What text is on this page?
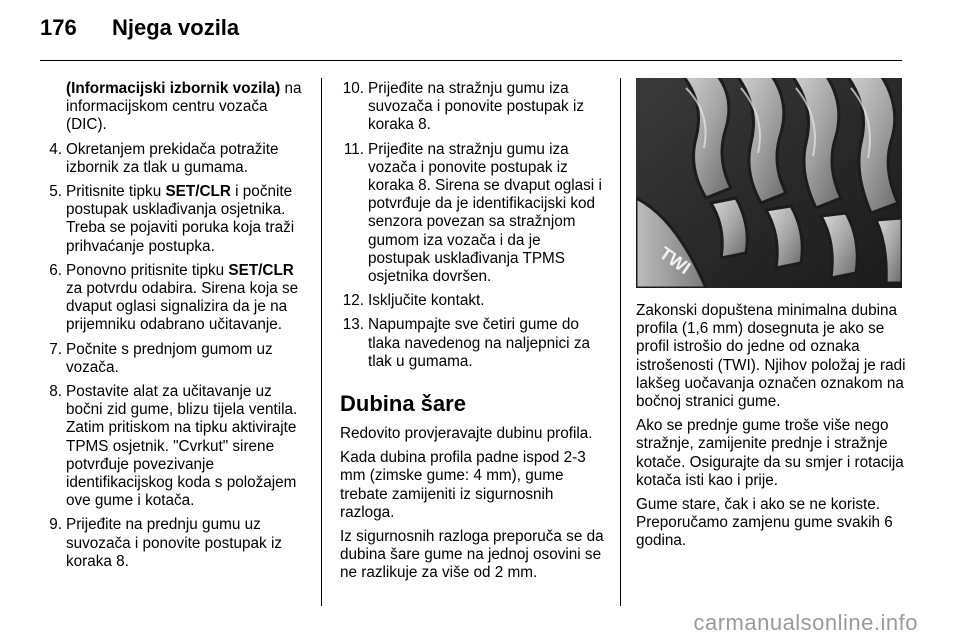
176 Njega vozila

(Informacijski izbornik vozila) na informacijskom centru vozača (DIC).

4. Okretanjem prekidača potražite izbornik za tlak u gumama.
5. Pritisnite tipku SET/CLR i počnite postupak usklađivanja osjetnika. Treba se pojaviti poruka koja traži prihvaćanje postupka.
6. Ponovno pritisnite tipku SET/CLR za potvrdu odabira. Sirena koja se dvaput oglasi signalizira da je na prijemniku odabrano učitavanje.
7. Počnite s prednjom gumom uz vozača.
8. Postavite alat za učitavanje uz bočni zid gume, blizu tijela ventila. Zatim pritiskom na tipku aktivirajte TPMS osjetnik. "Cvrkut" sirene potvrđuje povezivanje identifikacijskog koda s položajem ove gume i kotača.
9. Prijeđite na prednju gumu uz suvozača i ponovite postupak iz koraka 8.
10. Prijeđite na stražnju gumu iza suvozača i ponovite postupak iz koraka 8.
11. Prijeđite na stražnju gumu iza vozača i ponovite postupak iz koraka 8. Sirena se dvaput oglasi i potvrđuje da je identifikacijski kod senzora povezan sa stražnjom gumom iza vozača i da je postupak usklađivanja TPMS osjetnika dovršen.
12. Isključite kontakt.
13. Napumpajte sve četiri gume do tlaka navedenog na naljepnici za tlak u gumama.
Dubina šare

Redovito provjeravajte dubinu profila.

Kada dubina profila padne ispod 2-3 mm (zimske gume: 4 mm), gume trebate zamijeniti iz sigurnosnih razloga.

Iz sigurnosnih razloga preporuča se da dubina šare gume na jednoj osovini se ne razlikuje za više od 2 mm.

TWI

Zakonski dopuštena minimalna dubina profila (1,6 mm) dosegnuta je ako se profil istrošio do jedne od oznaka istrošenosti (TWI). Njihov položaj je radi lakšeg uočavanja označen oznakom na bočnoj stranici gume.

Ako se prednje gume troše više nego stražnje, zamijenite prednje i stražnje kotače. Osigurajte da su smjer i rotacija kotača isti kao i prije.

Gume stare, čak i ako se ne koriste. Preporučamo zamjenu gume svakih 6 godina.

carmanualsonline.info
